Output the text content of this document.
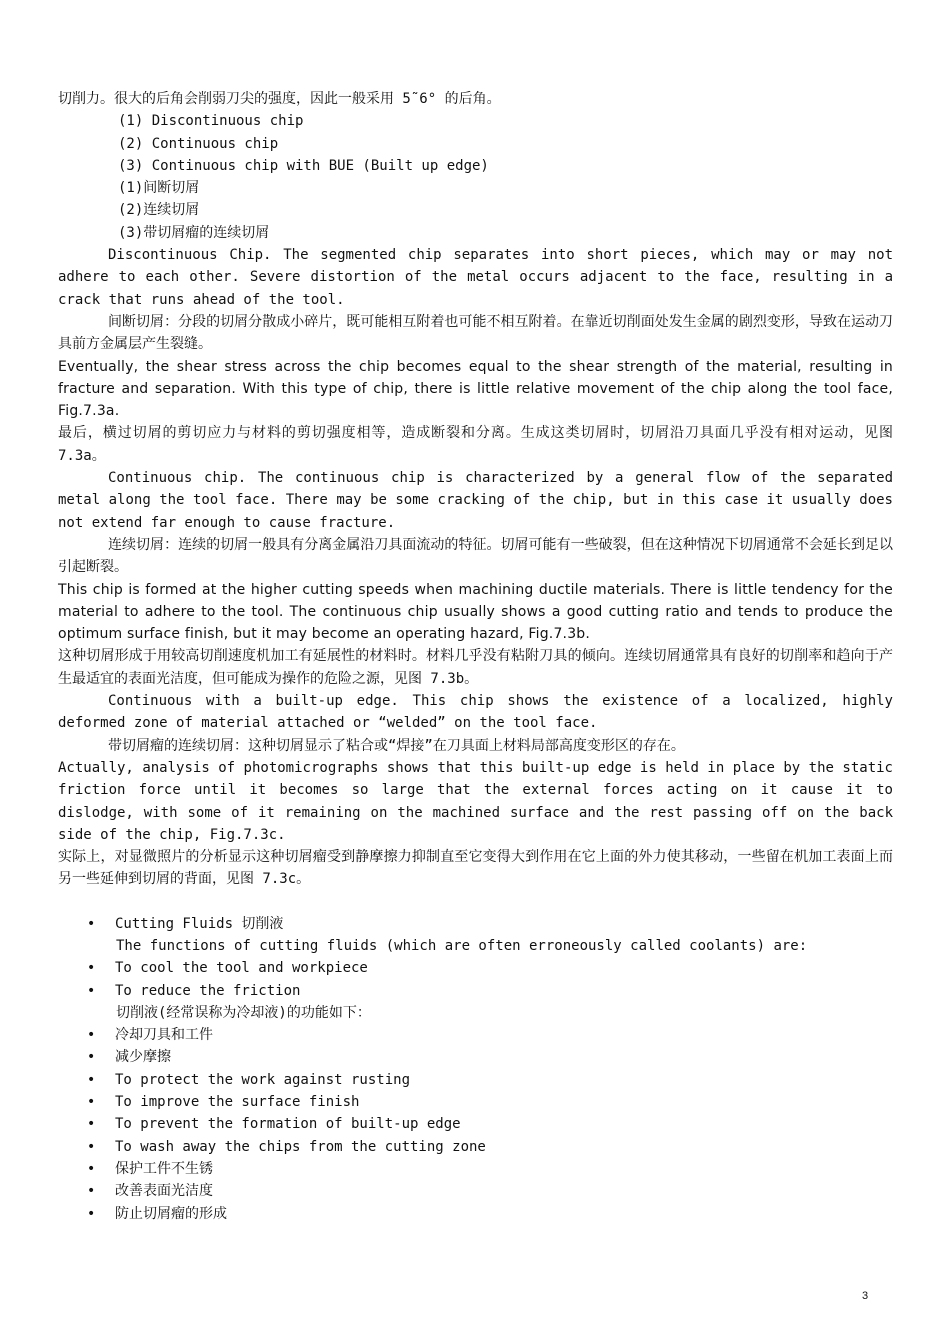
切削力。很大的后角会削弱刀尖的强度，因此一般采用 5˜6° 的后角。
(1) Discontinuous chip
(2) Continuous chip
(3) Continuous chip with BUE (Built up edge)
(1)间断切屑
(2)连续切屑
(3)带切屑瘤的连续切屑
Discontinuous Chip. The segmented chip separates into short pieces, which may or may not adhere to each other. Severe distortion of the metal occurs adjacent to the face, resulting in a crack that runs ahead of the tool.
间断切屑：分段的切屑分散成小碎片，既可能相互附着也可能不相互附着。在靠近切削面处发生金属的剧烈变形，导致在运动刀具前方金属层产生裂缝。
Eventually, the shear stress across the chip becomes equal to the shear strength of the material, resulting in fracture and separation. With this type of chip, there is little relative movement of the chip along the tool face, Fig.7.3a.
最后，横过切屑的剪切应力与材料的剪切强度相等，造成断裂和分离。生成这类切屑时，切屑沿刀具面几乎没有相对运动，见图 7.3a。
Continuous chip. The continuous chip is characterized by a general flow of the separated metal along the tool face. There may be some cracking of the chip, but in this case it usually does not extend far enough to cause fracture.
连续切屑：连续的切屑一般具有分离金属沿刀具面流动的特征。切屑可能有一些破裂，但在这种情况下切屑通常不会延长到足以引起断裂。
This chip is formed at the higher cutting speeds when machining ductile materials. There is little tendency for the material to adhere to the tool. The continuous chip usually shows a good cutting ratio and tends to produce the optimum surface finish, but it may become an operating hazard, Fig.7.3b.
这种切屑形成于用较高切削速度机加工有延展性的材料时。材料几乎没有粘附刀具的倾向。连续切屑通常具有良好的切削率和趋向于产生最适宜的表面光洁度，但可能成为操作的危险之源，见图 7.3b。
Continuous with a built-up edge. This chip shows the existence of a localized, highly deformed zone of material attached or “welded” on the tool face.
带切屑瘤的连续切屑：这种切屑显示了粘合或“焊接”在刀具面上材料局部高度变形区的存在。
Actually, analysis of photomicrographs shows that this built-up edge is held in place by the static friction force until it becomes so large that the external forces acting on it cause it to dislodge, with some of it remaining on the machined surface and the rest passing off on the back side of the chip, Fig.7.3c.
实际上，对显微照片的分析显示这种切屑瘤受到静摩擦力抑制直至它变得大到作用在它上面的外力使其移动，一些留在机加工表面上而另一些延伸到切屑的背面，见图 7.3c。
• Cutting Fluids 切削液
The functions of cutting fluids (which are often erroneously called coolants) are:
• To cool the tool and workpiece
• To reduce the friction
切削液(经常误称为冷却液)的功能如下：
• 冷却刀具和工件
• 减少摩擦
• To protect the work against rusting
• To improve the surface finish
• To prevent the formation of built-up edge
• To wash away the chips from the cutting zone
• 保护工件不生锈
• 改善表面光洁度
• 防止切屑瘤的形成
3
